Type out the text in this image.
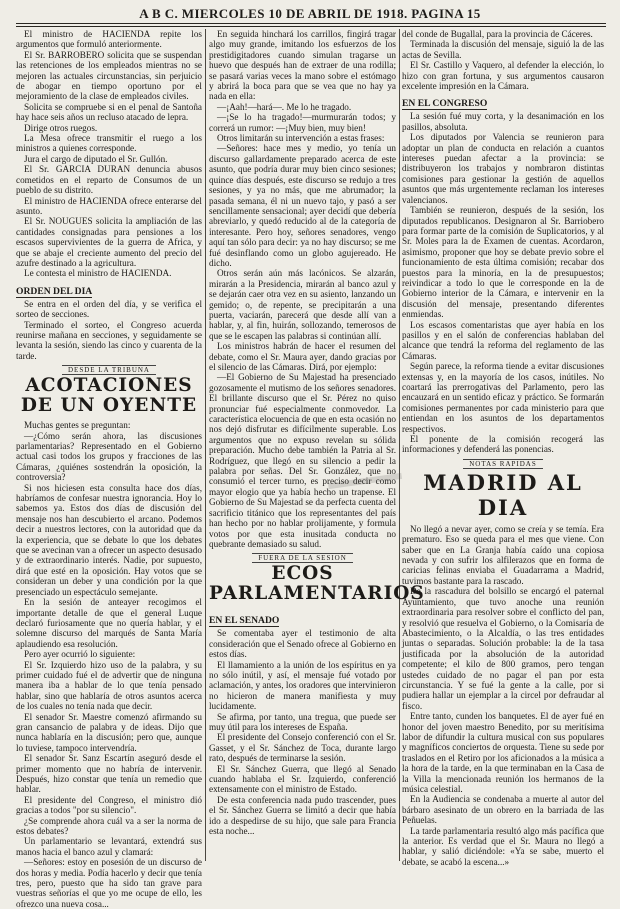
A B C. MIERCOLES 10 DE ABRIL DE 1918. PAGINA 15

El ministro de HACIENDA repite los argumentos que formuló anteriormente.

El Sr. BARROBERO solicita que se suspendan las retenciones de los empleados mientras no se mejoren las actuales circunstancias, sin perjuicio de abogar en tiempo oportuno por el mejoramiento de la clase de empleados civiles.

Solicita se compruebe si en el penal de Santoña hay hace seis años un recluso atacado de lepra.

Dirige otros ruegos.

La Mesa ofrece transmitir el ruego a los ministros a quienes corresponde.

Jura el cargo de diputado el Sr. Gullón.

El Sr. GARCIA DURAN denuncia abusos cometidos en el reparto de Consumos de un pueblo de su distrito.

El ministro de HACIENDA ofrece enterarse del asunto.

El Sr. NOUGUES solicita la ampliación de las cantidades consignadas para pensiones a los escasos supervivientes de la guerra de Africa, y que se abaje el creciente aumento del precio del azufre destinado a la agricultura.

Le contesta el ministro de HACIENDA.

ORDEN DEL DIA

Se entra en el orden del día, y se verifica el sorteo de secciones.

Terminado el sorteo, el Congreso acuerda reunirse mañana en secciones, y seguidamente se levanta la sesión, siendo las cinco y cuarenta de la tarde.

DESDE LA TRIBUNA
ACOTACIONES DE UN OYENTE

Muchas gentes se preguntan:

—¿Cómo serán ahora, las discusiones parlamentarias? Representado en el Gobierno actual casi todos los grupos y fracciones de las Cámaras, ¿quiénes sostendrán la oposición, la controversia?

Si nos hiciesen esta consulta hace dos días, habríamos de confesar nuestra ignorancia. Hoy lo sabemos ya. Estos dos días de discusión del mensaje nos han descubierto el arcano. Podemos decir a nuestros lectores, con la autoridad que da la experiencia, que se debate lo que los debates que se avecinan van a ofrecer un aspecto desusado y de extraordinario interés. Nadie, por supuesto, dirá que esté en la oposición. Hay votos que se consideran un deber y una condición por la que presenciado un espectáculo semejante.

En la sesión de anteayer recogimos el importante detalle de que el general Luque declaró furiosamente que no quería hablar, y el solemne discurso del marqués de Santa María aplaudiendo esa resolución.

Pero ayer ocurrió lo siguiente:

El Sr. Izquierdo hizo uso de la palabra, y su primer cuidado fué el de advertir que de ninguna manera iba a hablar de lo que tenía pensado hablar, sino que hablaría de otros asuntos acerca de los cuales no tenía nada que decir.

El senador Sr. Maestre comenzó afirmando su gran cansancio de palabra y de ideas. Dijo que nunca hablaría en la discusión; pero que, aunque lo tuviese, tampoco intervendría.

El senador Sr. Sanz Escartín aseguró desde el primer momento que no habría de intervenir. Después, hizo constar que tenía un remedio que hablar.

El presidente del Congreso, el ministro dió gracias a todos "por su silencio".

¿Se comprende ahora cuál va a ser la norma de estos debates?

Un parlamentario se levantará, extendrá sus manos hacia el banco azul y clamará:

—Señores: estoy en posesión de un discurso de dos horas y media. Podía hacerlo y decir que tenía tres, pero, puesto que ha sido tan grave para vuestras señorías el que yo me ocupe de ello, les ofrezco una nueva cosa...

En seguida hinchará los carrillos, fingirá tragar algo muy grande, imitando los esfuerzos de los prestidigitadores cuando simulan tragarse un huevo que después han de extraer de una rodilla; se pasará varias veces la mano sobre el estómago y abrirá la boca para que se vea que no hay ya nada en ella:

—¡Aah!—hará—. Me lo he tragado.

—¡Se lo ha tragado!—murmurarán todos; y correrá un rumor: —¡Muy bien, muy bien!

Otros limitarán su intervención a estas frases:

—Señores: hace mes y medio, yo tenía un discurso gallardamente preparado acerca de este asunto, que podría durar muy bien cinco sesiones; quince días después, este discurso se redujo a tres sesiones, y ya no más, que me abrumador; la pasada semana, él ni un nuevo tajo, y pasó a ser sencillamente sensacional; ayer decidí que debería abreviarlo, y quedó reducido al de la categoría de interesante. Pero hoy, señores senadores, vengo aquí tan sólo para decir: ya no hay discurso; se me fué desinflando como un globo agujereado. He dicho.

Otros serán aún más lacónicos. Se alzarán, mirarán a la Presidencia, mirarán al banco azul y se dejarán caer otra vez en su asiento, lanzando un gemido; o, de repente, se precipitarán a una puerta, vaciarán, parecerá que desde allí van a hablar, y, al fin, huirán, sollozando, temerosos de que se le escapen las palabras si continúan allí.

Los ministros habrán de hacer el resumen del debate, como el Sr. Maura ayer, dando gracias por el silencio de las Cámaras. Dirá, por ejemplo:

—El Gobierno de Su Majestad ha presenciado gozosamente el mutismo de los señores senadores. El brillante discurso que el Sr. Pérez no quiso pronunciar fué especialmente conmovedor. La característica elocuencia de que en esta ocasión no nos dejó disfrutar es difícilmente superable. Los argumentos que no expuso revelan su sólida preparación. Mucho debe también la Patria al Sr. Rodríguez, que llegó en su silencio a pedir la palabra por señas. Del Sr. González, que no consumió el tercer turno, es preciso decir como mayor elogio que ya había hecho un trapense. El Gobierno de Su Majestad se da perfecta cuenta del sacrificio titánico que los representantes del país han hecho por no hablar prolijamente, y formula votos por que esta inusitada conducta no quebrante demasiado su salud.

FUERA DE LA SESION
ECOS PARLAMENTARIOS
EN EL SENADO

Se comentaba ayer el testimonio de alta consideración que el Senado ofrece al Gobierno en estos días.

El llamamiento a la unión de los espíritus en ya no sólo inútil, y así, el mensaje fué votado por aclamación, y antes, los oradores que intervinieron no hicieron de manera manifiesta y muy lucidamente.

Se afirma, por tanto, una tregua, que puede ser muy útil para los intereses de España.

El presidente del Consejo conferenció con el Sr. Gasset, y el Sr. Sánchez de Toca, durante largo rato, después de terminarse la sesión.

El Sr. Sánchez Guerra, que llegó al Senado cuando hablaba el Sr. Izquierdo, conferenció extensamente con el ministro de Estado.

De esta conferencia nada pudo trascender, pues el Sr. Sánchez Guerra se limitó a decir que había ido a despedirse de su hijo, que sale para Francia esta noche...

del conde de Bugallal, para la provincia de Cáceres.

Terminada la discusión del mensaje, siguió la de las actas de Sevilla.

El Sr. Castillo y Vaquero, al defender la elección, lo hizo con gran fortuna, y sus argumentos causaron excelente impresión en la Cámara.

EN EL CONGRESO

La sesión fué muy corta, y la desanimación en los pasillos, absoluta.

Los diputados por Valencia se reunieron para adoptar un plan de conducta en relación a cuantos intereses puedan afectar a la provincia: se distribuyeron los trabajos y nombraron distintas comisiones para gestionar la gestión de aquellos asuntos que más urgentemente reclaman los intereses valencianos.

También se reunieron, después de la sesión, los diputados republicanos. Designaron al Sr. Barriobero para formar parte de la comisión de Suplicatorios, y al Sr. Moles para la de Examen de cuentas. Acordaron, asimismo, proponer que hoy se debate previo sobre el funcionamiento de esta última comisión; recabar dos puestos para la minoría, en la de presupuestos; reivindicar a todo lo que le corresponde en la de Gobierno interior de la Cámara, e intervenir en la discusión del mensaje, presentando diferentes enmiendas.

Los escasos comentaristas que ayer había en los pasillos y en el salón de conferencias hablaban del alcance que tendrá la reforma del reglamento de las Cámaras.

Según parece, la reforma tiende a evitar discusiones extensas y, en la mayoría de los casos, inútiles. No coartará las prerrogativas del Parlamento, pero las encauzará en un sentido eficaz y práctico. Se formarán comisiones permanentes por cada ministerio para que entiendan en los asuntos de los departamentos respectivos.

El ponente de la comisión recogerá las informaciones y defenderá las ponencias.

NOTAS RAPIDAS
MADRID AL DIA

No llegó a nevar ayer, como se creía y se temía. Era prematuro. Eso se queda para el mes que viene. Con saber que en La Granja había caído una copiosa nevada y con sufrir los alfilerazos que en forma de caricias felinas enviaba el Guadarrama a Madrid, tuvimos bastante para la rascado.

De la rascadura del bolsillo se encargó el paternal Ayuntamiento, que tuvo anoche una reunión extraordinaria para resolver sobre el conflicto del pan, y resolvió que resuelva el Gobierno, o la Comisaría de Abastecimiento, o la Alcaldía, o las tres entidades juntas o separadas. Solución probable: la de la tasa justificada por la absolución de la autoridad competente; el kilo de 800 gramos, pero tengan ustedes cuidado de no pagar el pan por esta circunstancia. Y se fué la gente a la calle, por si pudiera hallar un ejemplar a la circel por defraudar al fisco.

Entre tanto, cunden los banquetes. El de ayer fué en honor del joven maestro Benedito, por su meritísima labor de difundir la cultura musical con sus populares y magníficos conciertos de orquesta. Tiene su sede por traslados en el Retiro por los aficionados a la música a la hora de la tarde, en la que terminaban en la Casa de la Villa la mencionada reunión los hermanos de la música celestial.

En la Audiencia se condenaba a muerte al autor del bárbaro asesinato de un obrero en la barriada de las Peñuelas.

La tarde parlamentaria resultó algo más pacífica que la anterior. Es verdad que el Sr. Maura no llegó a hablar, y salió diciéndole: «Ya se sabe, muerto el debate, se acabó la escena...»
